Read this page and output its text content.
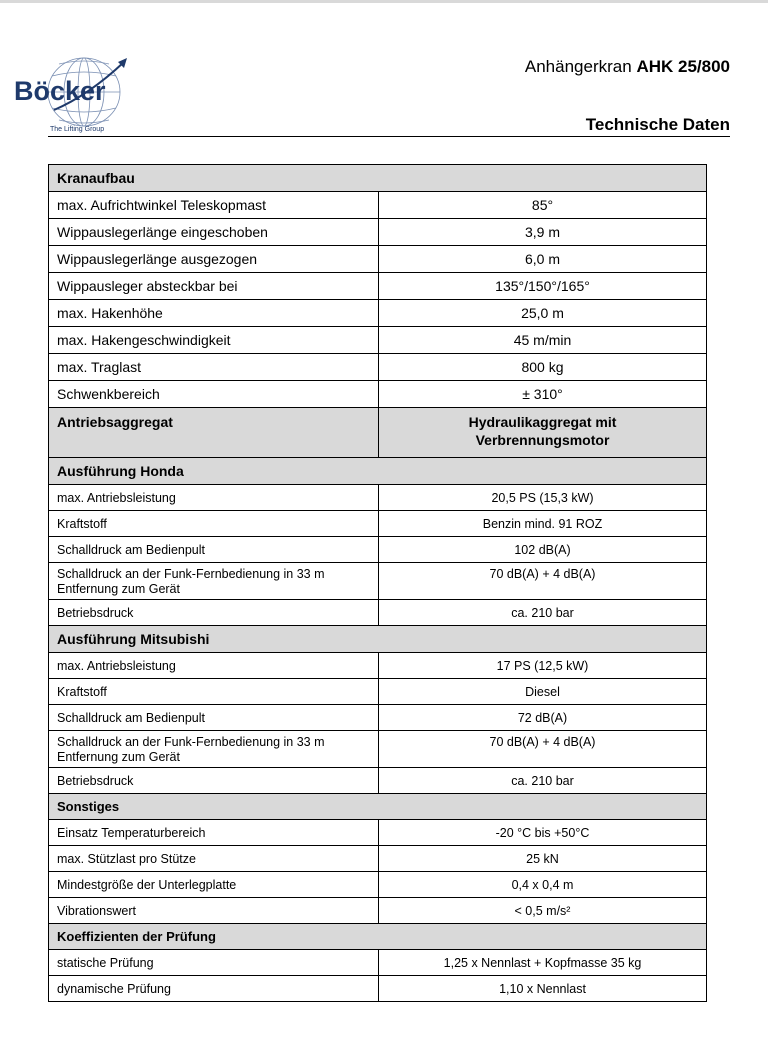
Böcker
The Lifting Group
Anhängerkran AHK 25/800
Technische Daten
Kranaufbau	
max. Aufrichtwinkel Teleskopmast	85°
Wippauslegerlänge eingeschoben	3,9 m
Wippauslegerlänge ausgezogen	6,0 m
Wippausleger absteckbar bei	135°/150°/165°
max. Hakenhöhe	25,0 m
max. Hakengeschwindigkeit	45 m/min
max. Traglast	800 kg
Schwenkbereich	± 310°
Antriebsaggregat	Hydraulikaggregat mit
Verbrennungsmotor

Ausführung Honda	
max. Antriebsleistung	20,5 PS (15,3 kW)
Kraftstoff	Benzin mind. 91 ROZ
Schalldruck am Bedienpult	102 dB(A)

Schalldruck an der Funk-Fernbedienung in 33 m
Entfernung zum Gerät	70 dB(A) + 4 dB(A)
Betriebsdruck	ca. 210 bar
Ausführung Mitsubishi	
max. Antriebsleistung	17 PS (12,5 kW)
Kraftstoff	Diesel
Schalldruck am Bedienpult	72 dB(A)

Schalldruck an der Funk-Fernbedienung in 33 m
Entfernung zum Gerät	70 dB(A) + 4 dB(A)
Betriebsdruck	ca. 210 bar
Sonstiges	
Einsatz Temperaturbereich	-20 °C bis +50°C
max. Stützlast pro Stütze	25 kN
Mindestgröße der Unterlegplatte	0,4 x 0,4 m
Vibrationswert	< 0,5 m/s²
Koeffizienten der Prüfung	
statische Prüfung	1,25 x Nennlast + Kopfmasse 35 kg
dynamische Prüfung	1,10 x Nennlast
